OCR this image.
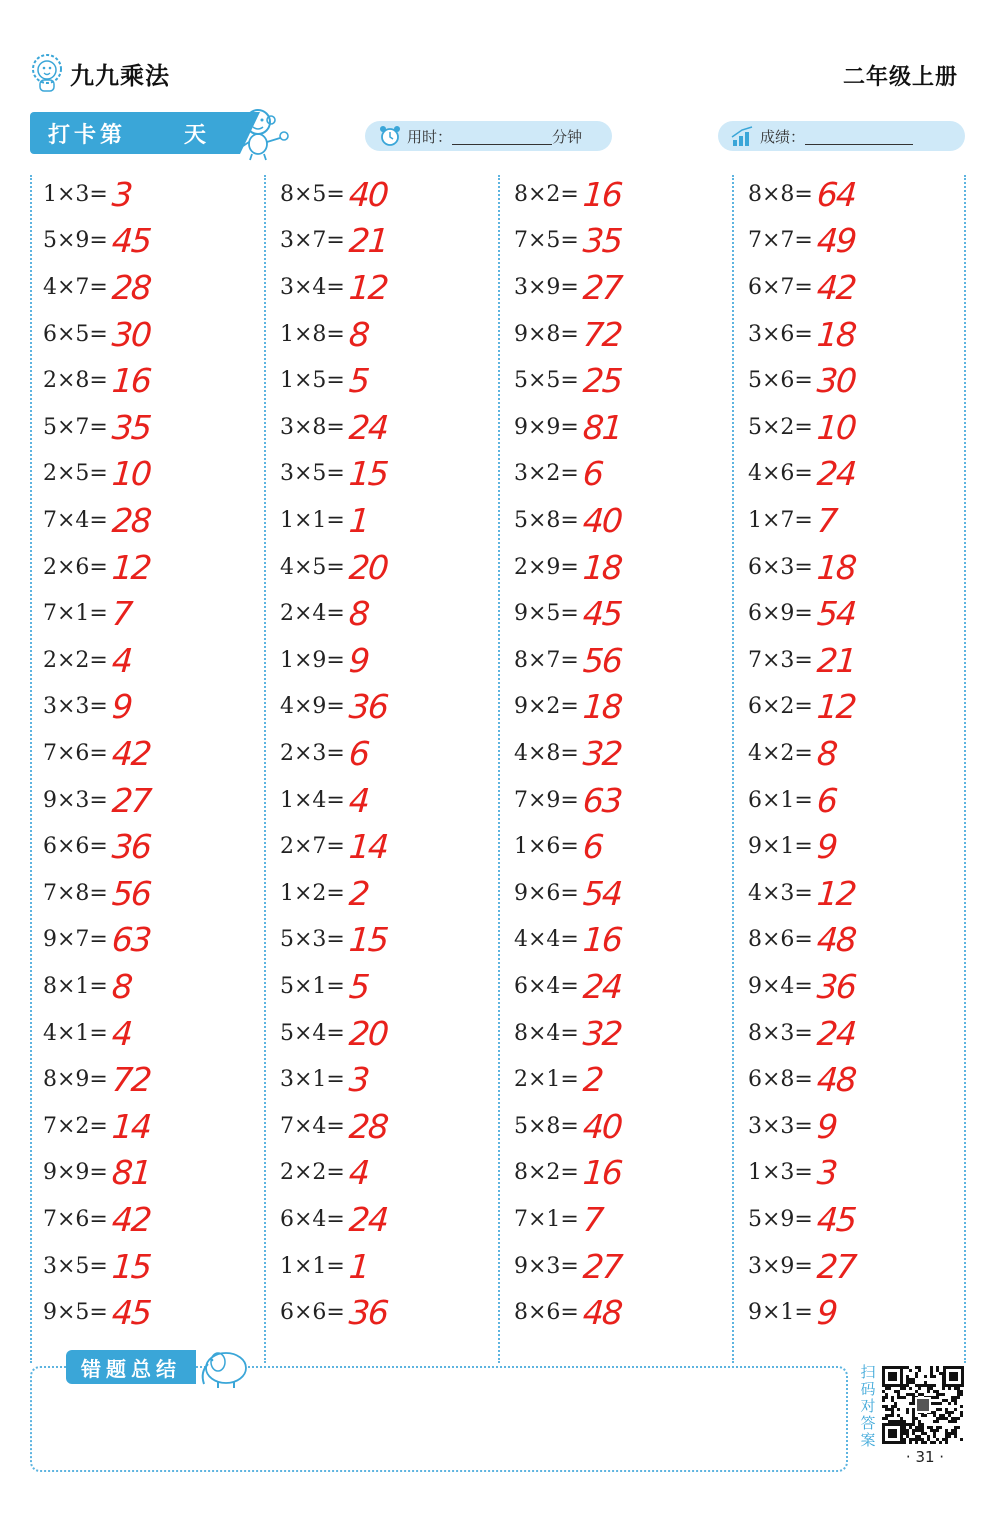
九九乘法	二年级上册
打卡第	天	用时：	分钟	成绩：
1×3= 3
5×9= 45
4×7= 28
6×5= 30
2×8= 16
5×7= 35
2×5= 10
7×4= 28
2×6= 12
7×1= 7
2×2= 4
3×3= 9
7×6= 42
9×3= 27
6×6= 36
7×8= 56
9×7= 63
8×1= 8
4×1= 4
8×9= 72
7×2= 14
9×9= 81
7×6= 42
3×5= 15
9×5= 45
8×5= 40
3×7= 21
3×4= 12
1×8= 8
1×5= 5
3×8= 24
3×5= 15
1×1= 1
4×5= 20
2×4= 8
1×9= 9
4×9= 36
2×3= 6
1×4= 4
2×7= 14
1×2= 2
5×3= 15
5×1= 5
5×4= 20
3×1= 3
7×4= 28
2×2= 4
6×4= 24
1×1= 1
6×6= 36
8×2= 16
7×5= 35
3×9= 27
9×8= 72
5×5= 25
9×9= 81
3×2= 6
5×8= 40
2×9= 18
9×5= 45
8×7= 56
9×2= 18
4×8= 32
7×9= 63
1×6= 6
9×6= 54
4×4= 16
6×4= 24
8×4= 32
2×1= 2
5×8= 40
8×2= 16
7×1= 7
9×3= 27
8×6= 48
8×8= 64
7×7= 49
6×7= 42
3×6= 18
5×6= 30
5×2= 10
4×6= 24
1×7= 7
6×3= 18
6×9= 54
7×3= 21
6×2= 12
4×2= 8
6×1= 6
9×1= 9
4×3= 12
8×6= 48
9×4= 36
8×3= 24
6×8= 48
3×3= 9
1×3= 3
5×9= 45
3×9= 27
9×1= 9
错题总结	扫码对答案
· 31 ·
